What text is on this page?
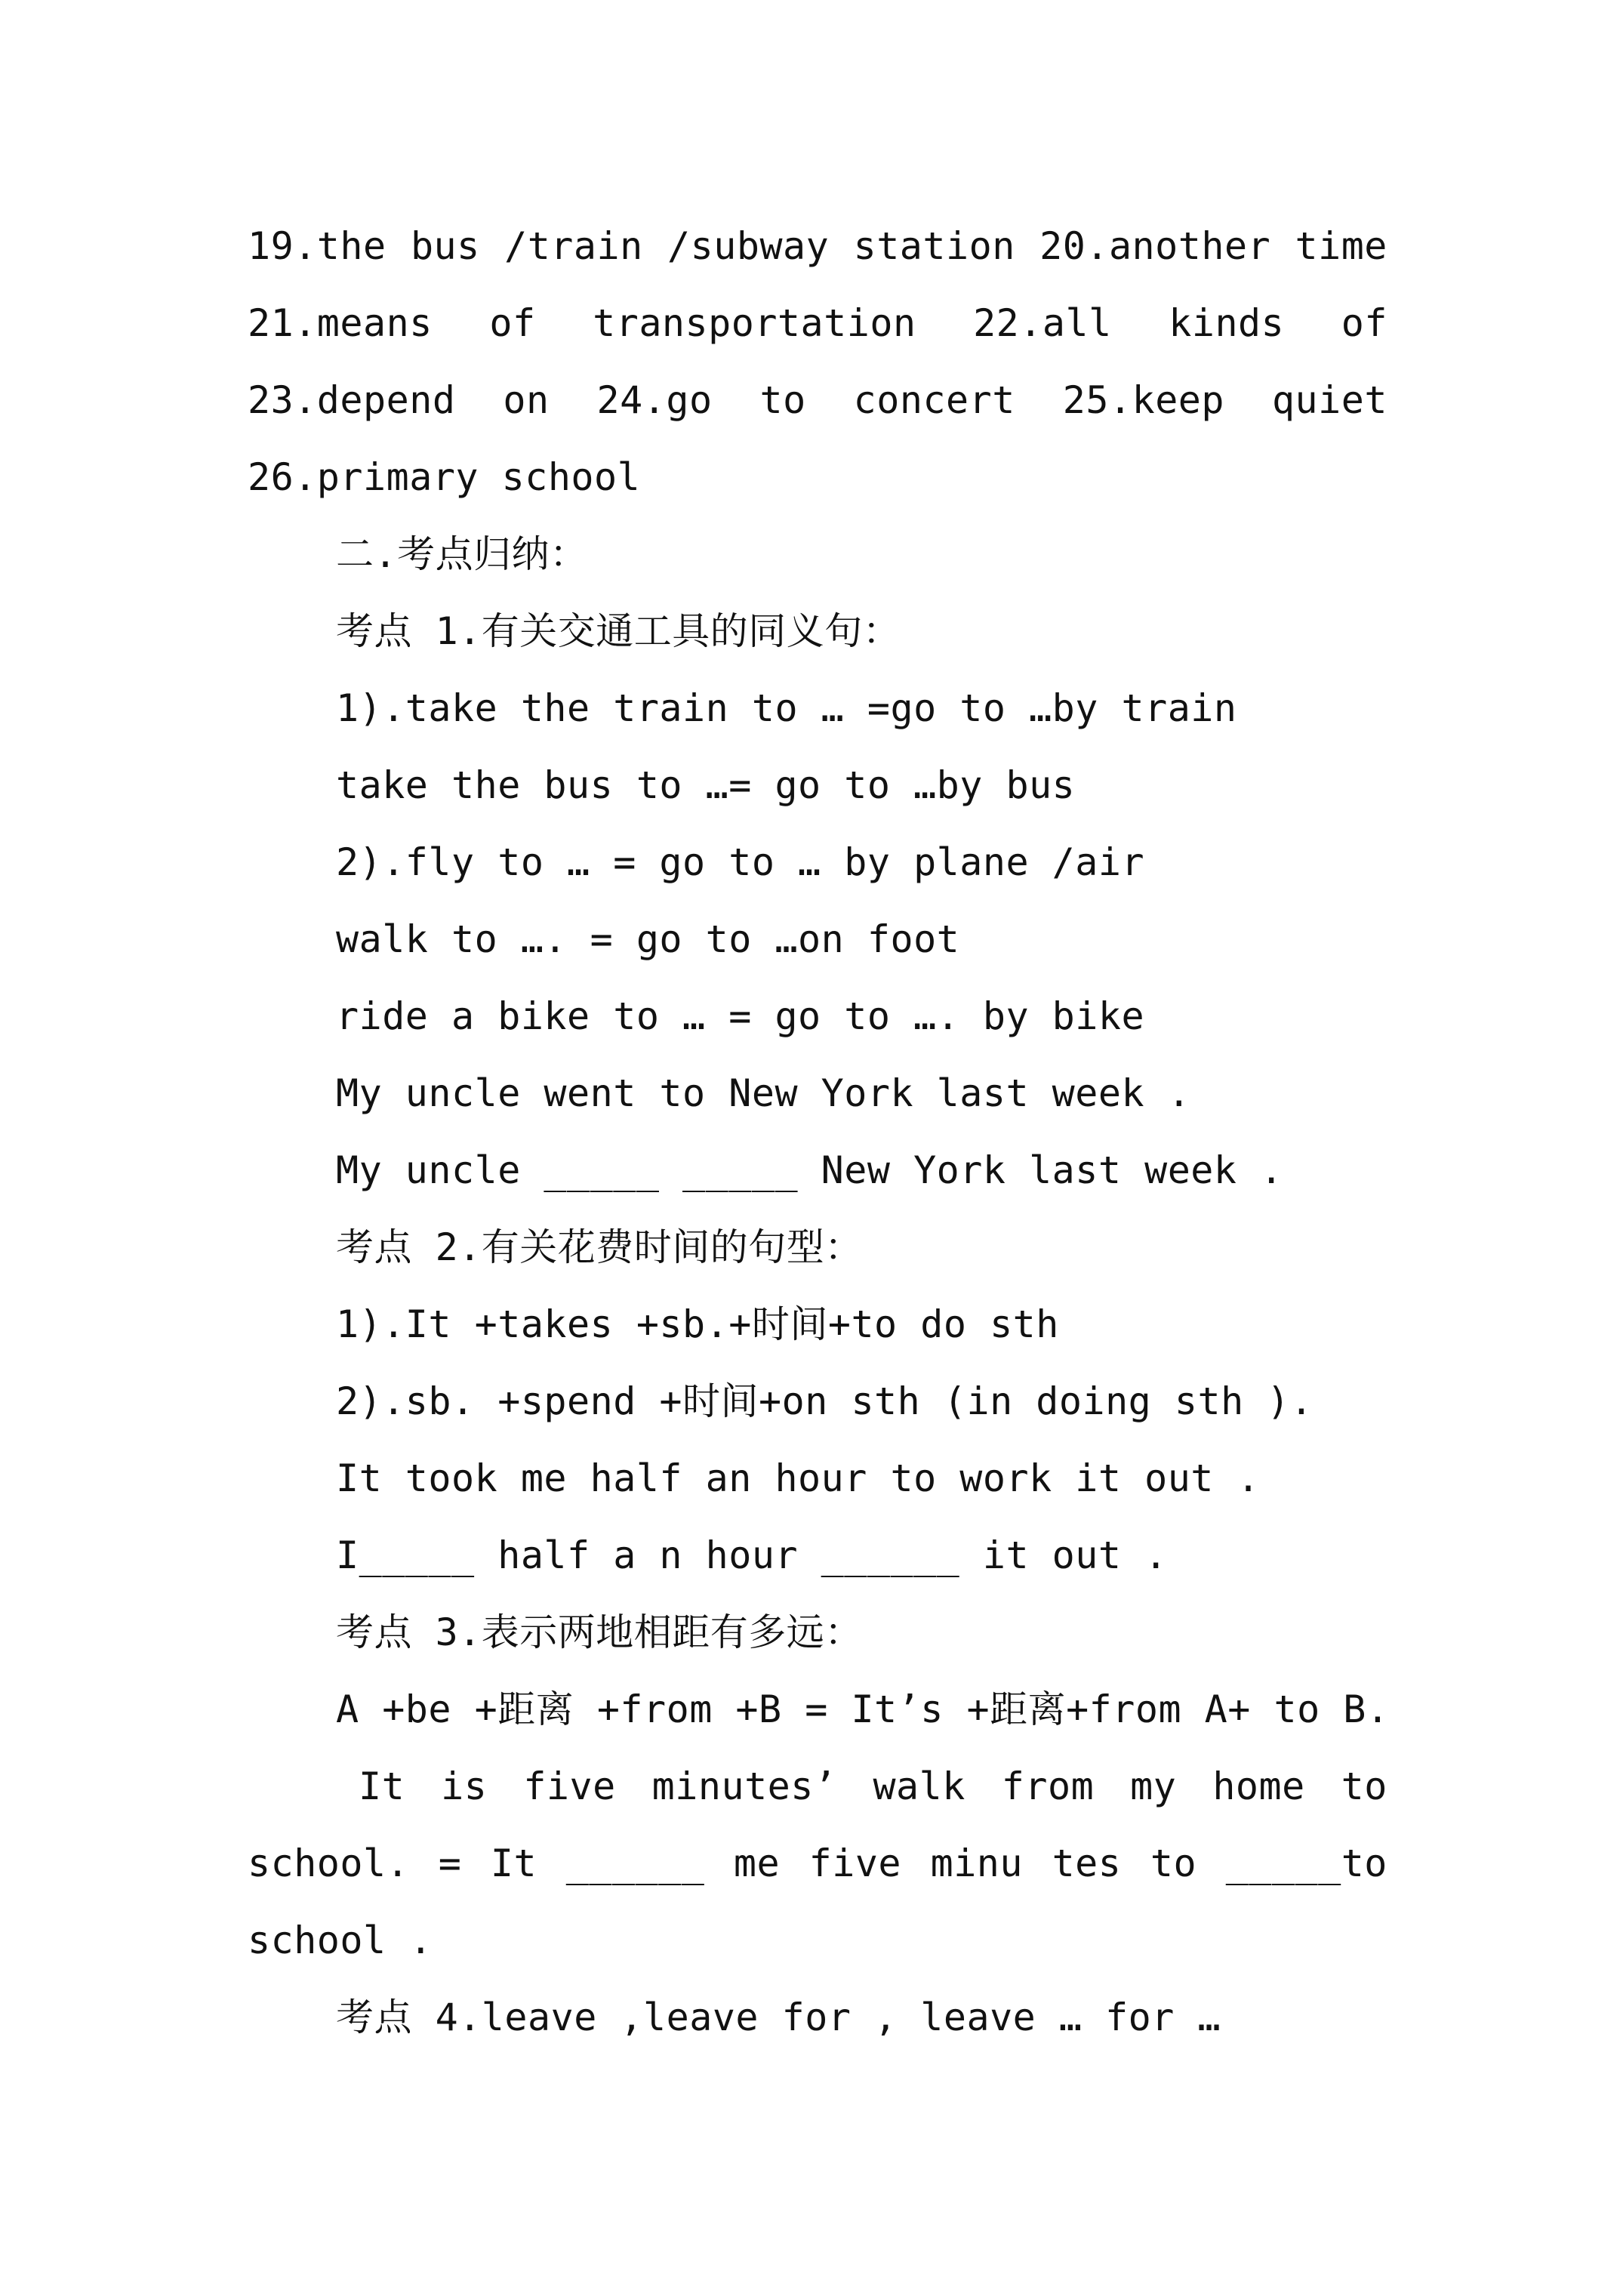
19.the bus /train /subway station 20.another time
21.means of transportation 22.all kinds of
23.depend on 24.go to concert 25.keep quiet
26.primary school
二.考点归纳：
考点 1.有关交通工具的同义句：
1).take the train to … =go to …by train
take the bus to …= go to …by bus
2).fly to … = go to … by plane /air
walk to …. = go to …on foot
ride a bike to … = go to …. by bike
My uncle went to New York last week .
My uncle _____ _____ New York last week .
考点 2.有关花费时间的句型：
1).It +takes +sb.+时间+to do sth
2).sb. +spend +时间+on sth (in doing sth ).
It took me half an hour to work it out .
I_____ half a n hour ______ it out .
考点 3.表示两地相距有多远：
A +be +距离 +from +B = It’s +距离+from A+ to B.
It is five minutes’ walk from my home to
school. = It ______ me five minu tes to _____to
school .
考点 4.leave ,leave for , leave … for …
